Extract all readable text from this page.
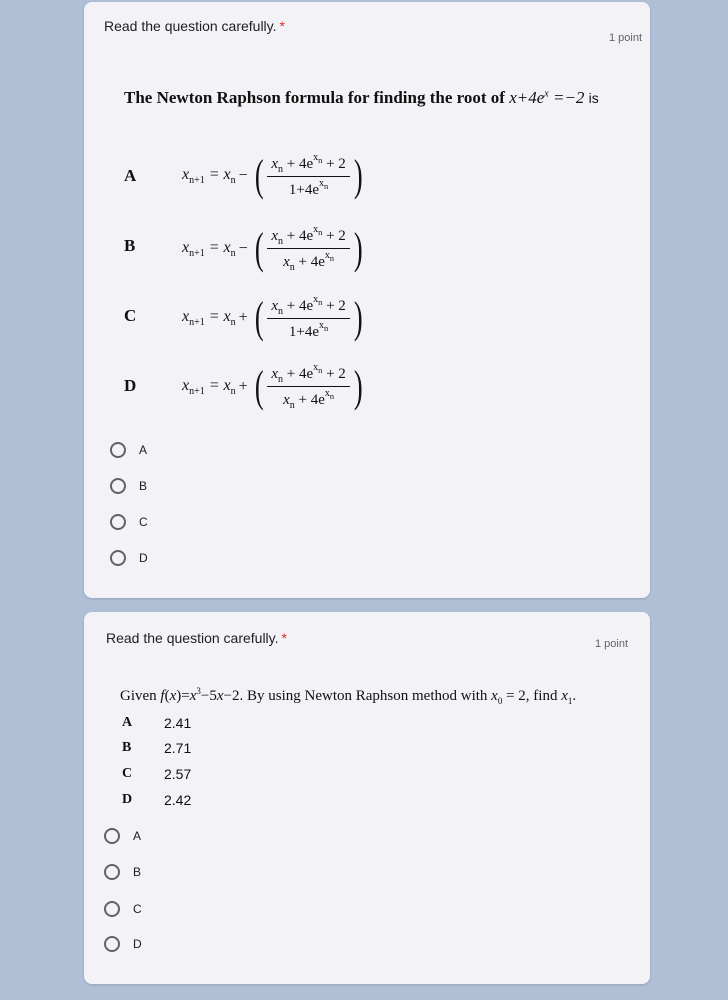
Read the question carefully. *
1 point
The Newton Raphson formula for finding the root of $x+4e^x =-2$ is
A	$x_{n+1} = x_n$ − ( $\frac{x_n + 4e^{x_n} + 2}{1+4e^{x_n}}$ )
B	$x_{n+1} = x_n$ − ( $\frac{x_n + 4e^{x_n} + 2}{x_n + 4e^{x_n}}$ )
C	$x_{n+1} = x_n$ + ( $\frac{x_n + 4e^{x_n} + 2}{1+4e^{x_n}}$ )
D	$x_{n+1} = x_n$ + ( $\frac{x_n + 4e^{x_n} + 2}{x_n + 4e^{x_n}}$ )
A
B
C
D
Read the question carefully. *	1 point
Given $f(x)=x^3-5x-2$. By using Newton Raphson method with $x_0 = 2$, find $x_1$.
A 2.41
B 2.71
C 2.57
D 2.42
A
B
C
D
